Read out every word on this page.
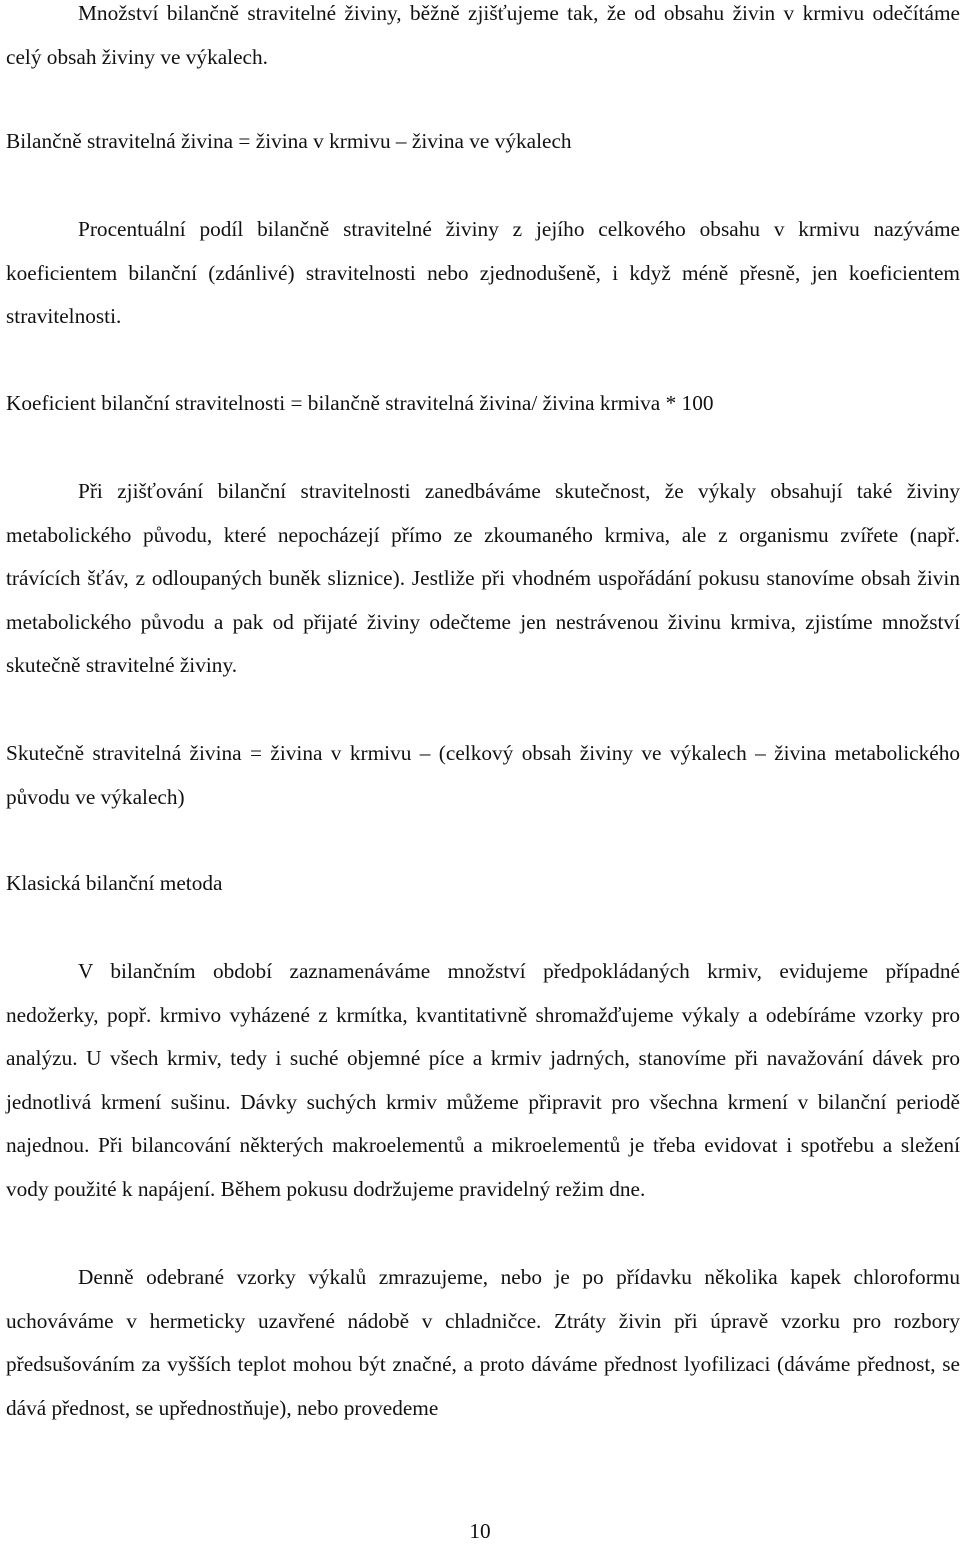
Množství bilančně stravitelné živiny, běžně zjišťujeme tak, že od obsahu živin v krmivu odečítáme celý obsah živiny ve výkalech.

Bilančně stravitelná živina = živina v krmivu – živina ve výkalech

Procentuální podíl bilančně stravitelné živiny z jejího celkového obsahu v krmivu nazýváme koeficientem bilanční (zdánlivé) stravitelnosti nebo zjednodušeně, i když méně přesně, jen koeficientem stravitelnosti.

Koeficient bilanční stravitelnosti = bilančně stravitelná živina/ živina krmiva * 100

Při zjišťování bilanční stravitelnosti zanedbáváme skutečnost, že výkaly obsahují také živiny metabolického původu, které nepocházejí přímo ze zkoumaného krmiva, ale z organismu zvířete (např. trávících šťáv, z odloupaných buněk sliznice). Jestliže při vhodném uspořádání pokusu stanovíme obsah živin metabolického původu a pak od přijaté živiny odečteme jen nestrávenou živinu krmiva, zjistíme množství skutečně stravitelné živiny.

Skutečně stravitelná živina = živina v krmivu – (celkový obsah živiny ve výkalech – živina metabolického původu ve výkalech)

Klasická bilanční metoda

V bilančním období zaznamenáváme množství předpokládaných krmiv, evidujeme případné nedožerky, popř. krmivo vyházené z krmítka, kvantitativně shromažďujeme výkaly a odebíráme vzorky pro analýzu. U všech krmiv, tedy i suché objemné píce a krmiv jadrných, stanovíme při navažování dávek pro jednotlivá krmení sušinu. Dávky suchých krmiv můžeme připravit pro všechna krmení v bilanční periodě najednou. Při bilancování některých makroelementů a mikroelementů je třeba evidovat i spotřebu a sležení vody použité k napájení. Během pokusu dodržujeme pravidelný režim dne.

Denně odebrané vzorky výkalů zmrazujeme, nebo je po přídavku několika kapek chloroformu uchováváme v hermeticky uzavřené nádobě v chladničce. Ztráty živin při úpravě vzorku pro rozbory předsušováním za vyšších teplot mohou být značné, a proto dáváme přednost lyofilizaci (dáváme přednost, se dává přednost, se upřednostňuje), nebo provedeme

10
